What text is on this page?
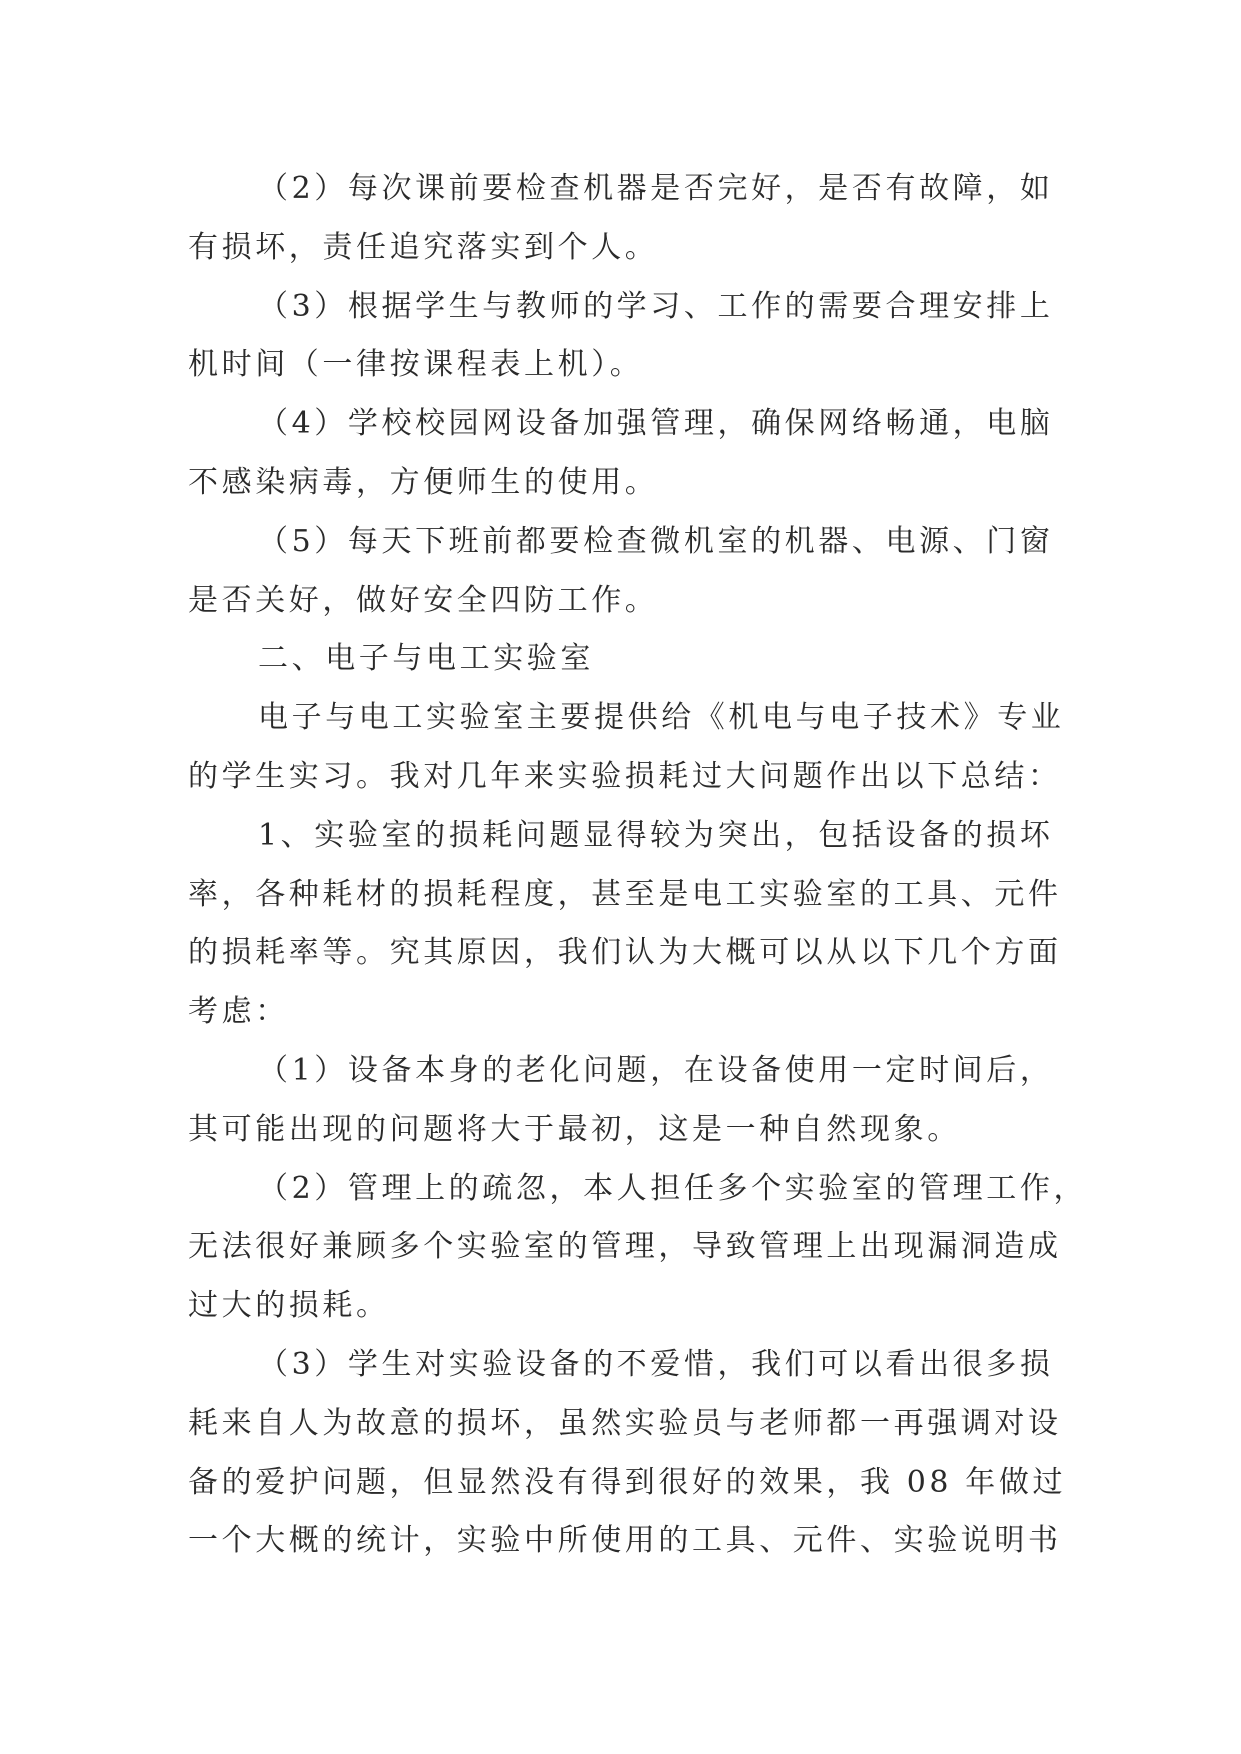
（2）每次课前要检查机器是否完好，是否有故障，如
有损坏，责任追究落实到个人。
（3）根据学生与教师的学习、工作的需要合理安排上
机时间（一律按课程表上机）。
（4）学校校园网设备加强管理，确保网络畅通，电脑
不感染病毒，方便师生的使用。
（5）每天下班前都要检查微机室的机器、电源、门窗
是否关好，做好安全四防工作。
二、电子与电工实验室
电子与电工实验室主要提供给《机电与电子技术》专业
的学生实习。我对几年来实验损耗过大问题作出以下总结：
1、实验室的损耗问题显得较为突出，包括设备的损坏
率，各种耗材的损耗程度，甚至是电工实验室的工具、元件
的损耗率等。究其原因，我们认为大概可以从以下几个方面
考虑：
（1）设备本身的老化问题，在设备使用一定时间后，
其可能出现的问题将大于最初，这是一种自然现象。
（2）管理上的疏忽，本人担任多个实验室的管理工作，
无法很好兼顾多个实验室的管理，导致管理上出现漏洞造成
过大的损耗。
（3）学生对实验设备的不爱惜，我们可以看出很多损
耗来自人为故意的损坏，虽然实验员与老师都一再强调对设
备的爱护问题，但显然没有得到很好的效果，我 08 年做过
一个大概的统计，实验中所使用的工具、元件、实验说明书
